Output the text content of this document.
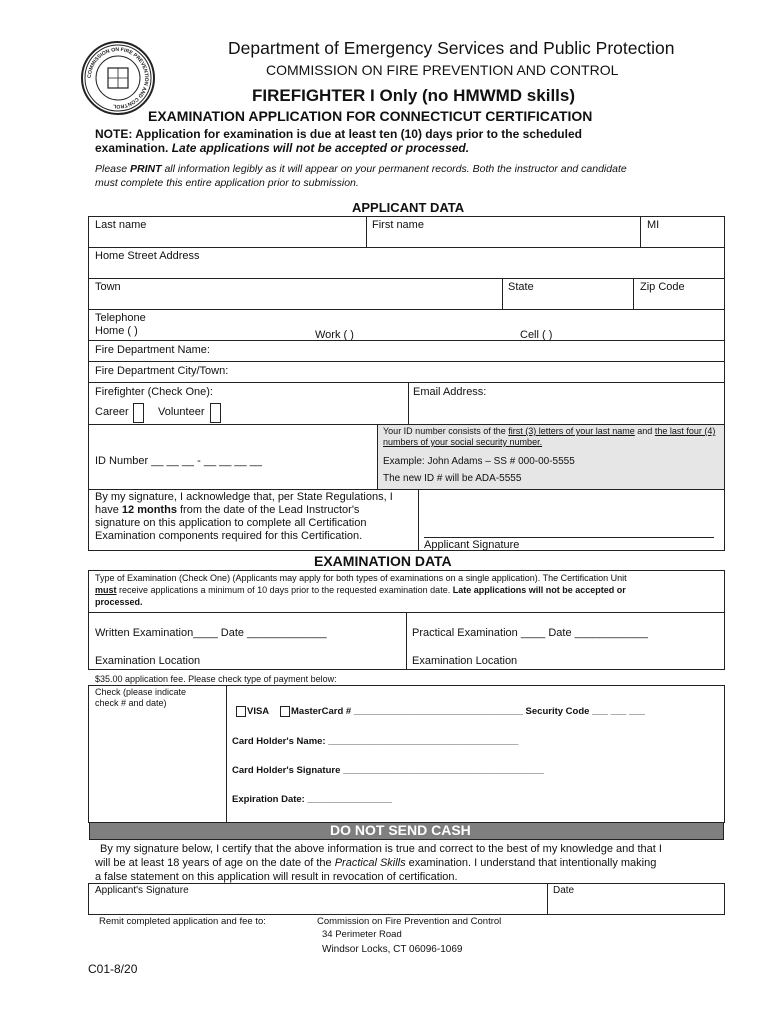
COMMISSION ON FIRE PREVENTION AND CONTROL
Department of Emergency Services and Public Protection
COMMISSION ON FIRE PREVENTION AND CONTROL
FIREFIGHTER I Only (no HMWMD skills)
EXAMINATION APPLICATION FOR CONNECTICUT CERTIFICATION
NOTE: Application for examination is due at least ten (10) days prior to the scheduled
examination. Late applications will not be accepted or processed.
Please PRINT all information legibly as it will appear on your permanent records. Both the instructor and candidate
must complete this entire application prior to submission.
APPLICANT DATA
Last name	First name	MI
Home Street Address
Town	State	Zip Code
Telephone
Home ( )	Work ( )	Cell ( )
Fire Department Name:
Fire Department City/Town:
Firefighter (Check One):	Email Address:
Career	Volunteer
ID Number __ __ __ - __ __ __ __
Your ID number consists of the first (3) letters of your last name and the last four (4)
numbers of your social security number.
Example: John Adams – SS # 000-00-5555
The new ID # will be ADA-5555
By my signature, I acknowledge that, per State Regulations, I
have 12 months from the date of the Lead Instructor's
signature on this application to complete all Certification
Examination components required for this Certification.
Applicant Signature
EXAMINATION DATA
Type of Examination (Check One) (Applicants may apply for both types of examinations on a single application). The Certification Unit
must receive applications a minimum of 10 days prior to the requested examination date. Late applications will not be accepted or
processed.
Written Examination____ Date _____________	Practical Examination ____ Date ____________
Examination Location	Examination Location
$35.00 application fee. Please check type of payment below:
Check (please indicate
check # and date)
VISA MasterCard # ________________________________ Security Code ___ ___ ___
Card Holder's Name: ____________________________________
Card Holder's Signature ______________________________________
Expiration Date: ________________
DO NOT SEND CASH
By my signature below, I certify that the above information is true and correct to the best of my knowledge and that I
will be at least 18 years of age on the date of the Practical Skills examination. I understand that intentionally making
a false statement on this application will result in revocation of certification.
Applicant's Signature	Date
Remit completed application and fee to:	Commission on Fire Prevention and Control
34 Perimeter Road
Windsor Locks, CT 06096-1069
C01-8/20
